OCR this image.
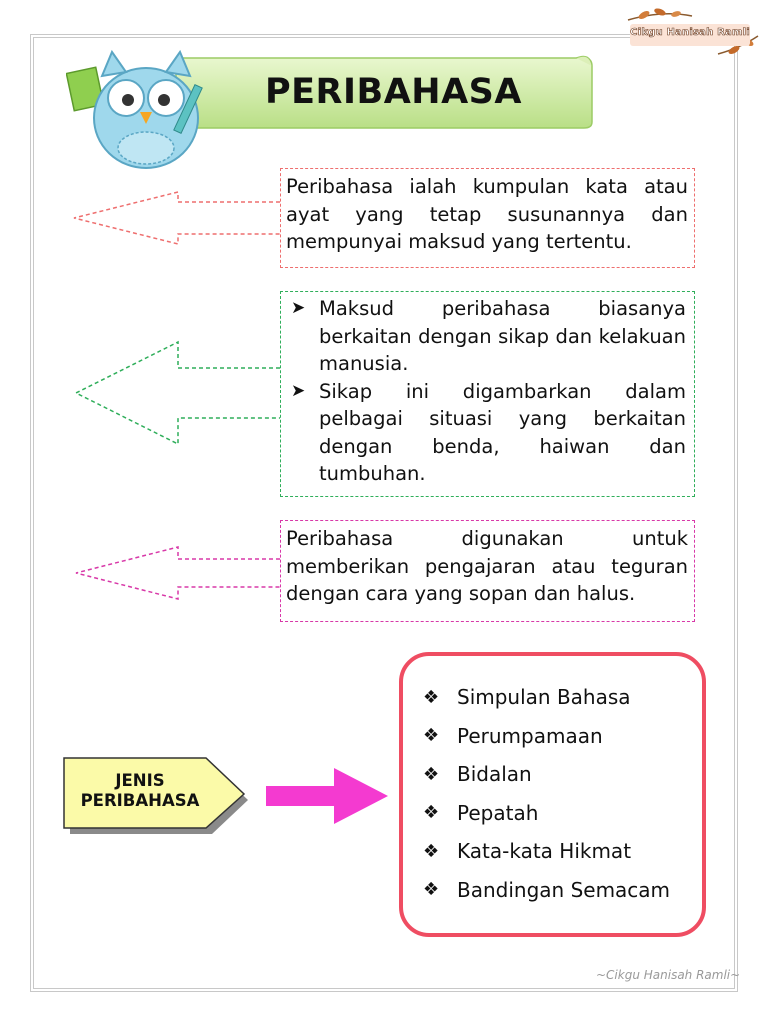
Cikgu Hanisah Ramli
PERIBAHASA

Peribahasa ialah kumpulan kata atau ayat yang tetap susunannya dan mempunyai maksud yang tertentu.

➤ Maksud peribahasa biasanya berkaitan dengan sikap dan kelakuan manusia.
➤ Sikap ini digambarkan dalam pelbagai situasi yang berkaitan dengan benda, haiwan dan tumbuhan.

Peribahasa digunakan untuk memberikan pengajaran atau teguran dengan cara yang sopan dan halus.

JENIS
PERIBAHASA
❖ Simpulan Bahasa
❖ Perumpamaan
❖ Bidalan
❖ Pepatah
❖ Kata-kata Hikmat
❖ Bandingan Semacam
~Cikgu Hanisah Ramli~
